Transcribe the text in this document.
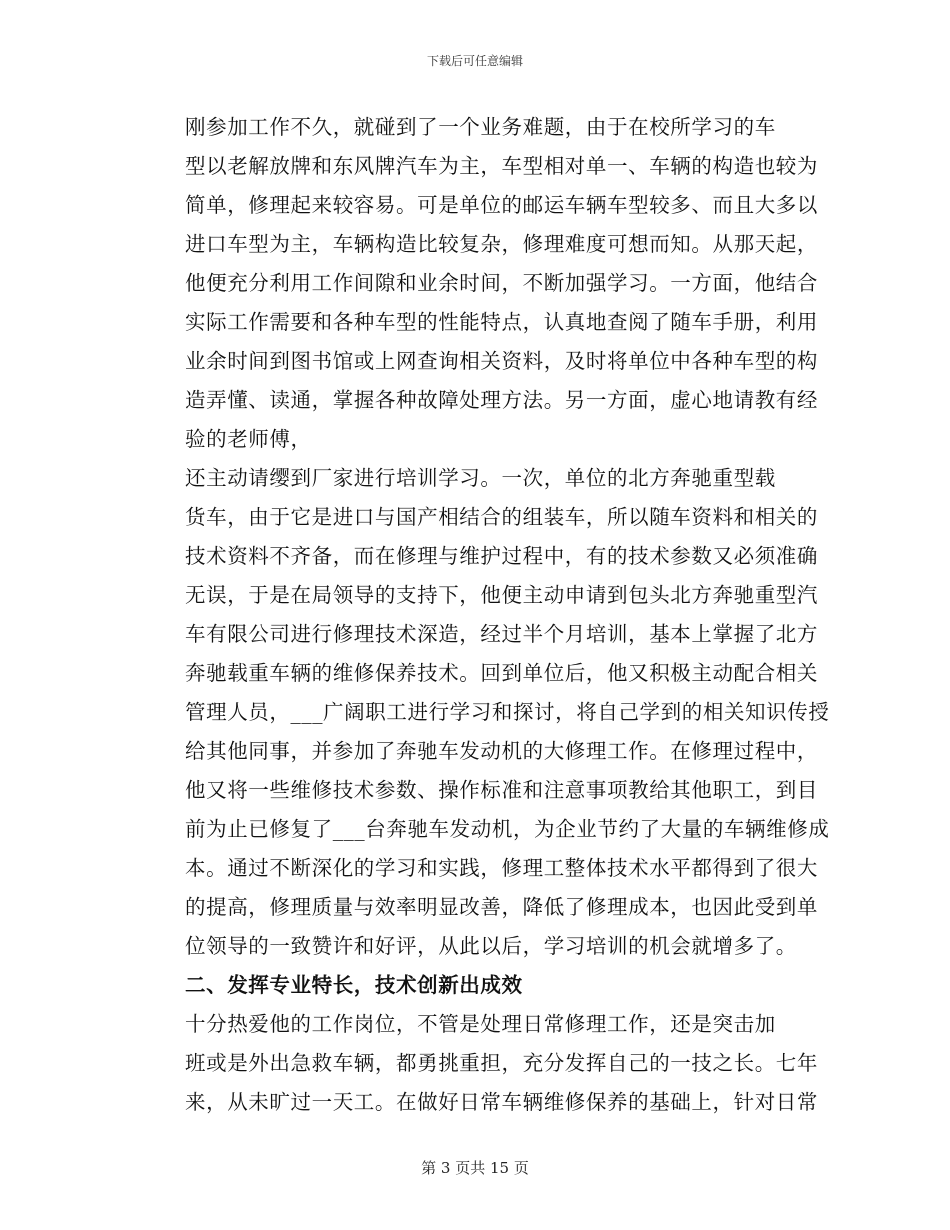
下载后可任意编辑

刚参加工作不久，就碰到了一个业务难题，由于在校所学习的车
型以老解放牌和东风牌汽车为主，车型相对单一、车辆的构造也较为
简单，修理起来较容易。可是单位的邮运车辆车型较多、而且大多以
进口车型为主，车辆构造比较复杂，修理难度可想而知。从那天起，
他便充分利用工作间隙和业余时间，不断加强学习。一方面，他结合
实际工作需要和各种车型的性能特点，认真地查阅了随车手册，利用
业余时间到图书馆或上网查询相关资料，及时将单位中各种车型的构
造弄懂、读通，掌握各种故障处理方法。另一方面，虚心地请教有经
验的老师傅，

还主动请缨到厂家进行培训学习。一次，单位的北方奔驰重型载
货车，由于它是进口与国产相结合的组装车，所以随车资料和相关的
技术资料不齐备，而在修理与维护过程中，有的技术参数又必须准确
无误，于是在局领导的支持下，他便主动申请到包头北方奔驰重型汽
车有限公司进行修理技术深造，经过半个月培训，基本上掌握了北方
奔驰载重车辆的维修保养技术。回到单位后，他又积极主动配合相关
管理人员，___广阔职工进行学习和探讨，将自己学到的相关知识传授
给其他同事，并参加了奔驰车发动机的大修理工作。在修理过程中，
他又将一些维修技术参数、操作标准和注意事项教给其他职工，到目
前为止已修复了___台奔驰车发动机，为企业节约了大量的车辆维修成
本。通过不断深化的学习和实践，修理工整体技术水平都得到了很大
的提高，修理质量与效率明显改善，降低了修理成本，也因此受到单
位领导的一致赞许和好评，从此以后，学习培训的机会就增多了。

二、发挥专业特长，技术创新出成效

十分热爱他的工作岗位，不管是处理日常修理工作，还是突击加
班或是外出急救车辆，都勇挑重担，充分发挥自己的一技之长。七年
来，从未旷过一天工。在做好日常车辆维修保养的基础上，针对日常

第 3 页共 15 页
